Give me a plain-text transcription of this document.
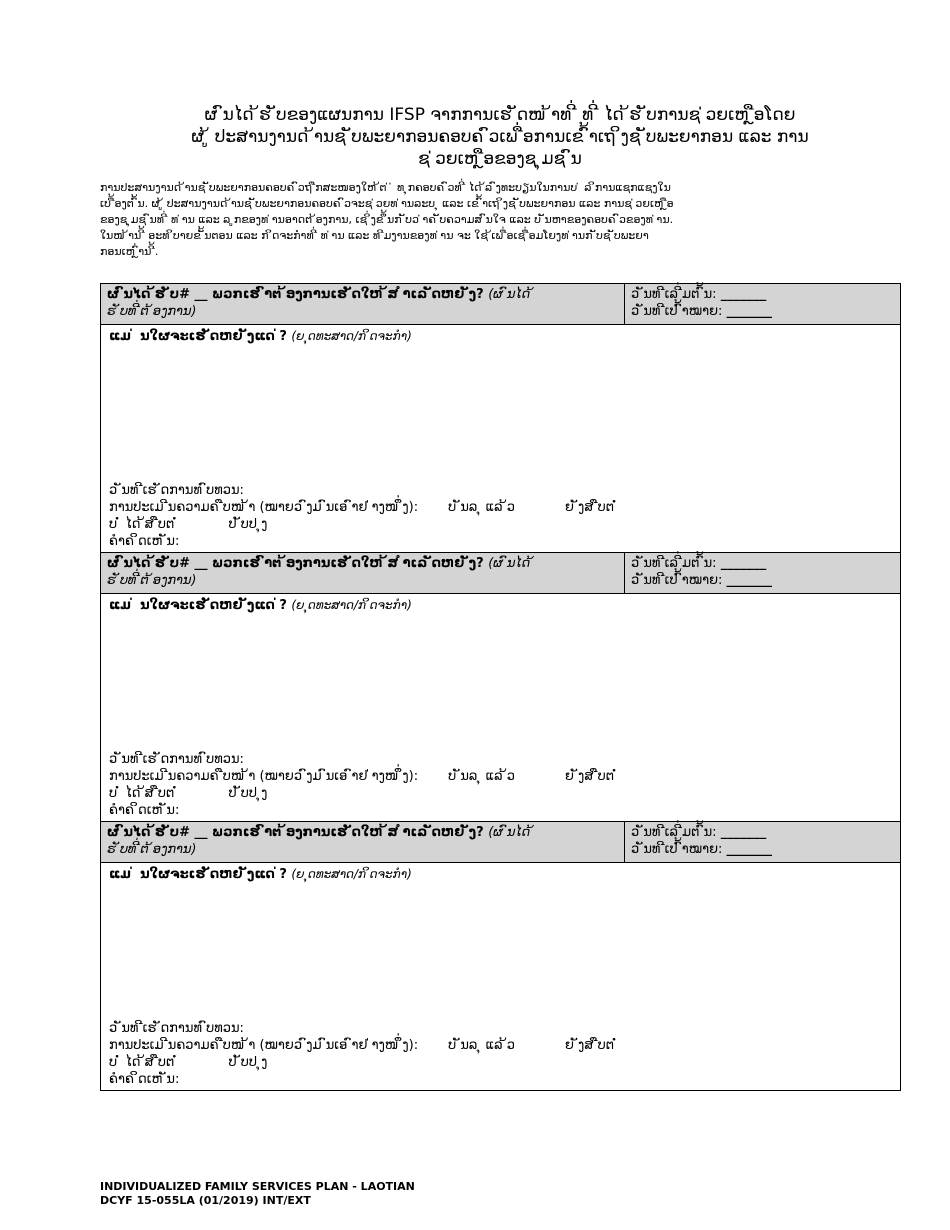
ຜ ົນໄດ ້ຮ ັບຂອງແຜນການ IFSP ຈາກການເຮ ັດໜ ້າທ ີ່ ທ ີ່ ໄດ ້ຮ ັບການຊ ່ວຍເຫ ຼືອໂດຍ
ຜ ູ້ ປະສານງານດ ້ານຊ ັບພະຍາກອນຄອບຄ ົວເພ ື່ອການເຂ ົ້າເຖ ິງຊ ັບພະຍາກອນ ແລະ ການ
ຊ ່ວຍເຫ ຼືອຂອງຊ ຸມຊ ົນ
ການປະສານງານດ ້ານຊ ັບພະຍາກອນຄອບຄ ົວຖ ືກສະໜອງໃຫ ້ຕ ່ ່ ທ ຸກຄອບຄ ົວທ ີ່ ໄດ ້ລ ົງທະບຽນໃນການບ ່ ລ ິການແຊກແຊງໃນ
ເບ ື້ອງຕ ົ້ນ. ຜ ູ້ ປະສານງານດ ້ານຊ ັບພະຍາກອນຄອບຄ ົວຈະຊ ່ວຍທ ່ານລະບ ຸ ແລະ ເຂ ົ້າເຖ ິງຊ ັບພະຍາກອນ ແລະ ການຊ ່ວຍເຫ ຼືອ
ຂອງຊ ຸມຊ ົນທ ີ່ ທ ່ານ ແລະ ລ ູກຂອງທ ່ານອາດຕ ້ອງການ, ເຊ ິ່ງຂ ຶ້ນກ ັບວ ່າຄ ັບຄວາມສ ົນໃຈ ແລະ ບ ັນຫາຂອງຄອບຄ ົວຂອງທ ່ານ.
ໃນໜ ້ານ ີ້ ອະທ ິບາຍຂ ັ້ນຕອນ ແລະ ກ ິດຈະກໍາທ ີ່ ທ ່ານ ແລະ ທ ີມງານຂອງທ ່ານ ຈະ ໃຊ ້ເພ ື່ອເຊ ື່ອມໂຍງທ ່ານກ ັບຊ ັບພະຍາ
ກອນເຫ ຼົ່ານ ີ້.
ຜ ົນໄດ ້ຮ ັບ# __ ພວກເຮ ົາຕ ້ອງການເຮ ັດໃຫ ້ສ ໍາເລ ັດຫຍ ັງ? (ຜ ົນໄດ ້
ຮ ັບທ ີ່ຕ ້ອງການ)
ວ ັນທ ີເລ ີ່ມຕ ົ້ນ: _______
ວ ັນທ ີເປ ົ້າໝາຍ: _______
ແມ ່ ນໃຜຈະເຮ ັດຫຍ ັງແດ ່? (ຍ ຸດທະສາດ/ກ ິດຈະກໍາ)
ວ ັນທ ີເຮ ັດການທ ົບທວນ:
ການປະເມ ີນຄວາມຄ ືບໜ ້າ (ໝາຍວ ົງມ ົນເອ ົາຢ ່າງໜ ຶ່ງ): ບ ັນລ ຸ ແລ ້ວ	ຍ ັງສ ືບຕ ໍ່
ບ ໍ່ ໄດ ້ສ ືບຕ ໍ່	ປ ັບປ ຸງ
ຄໍາຄ ິດເຫ ັນ:
ຜ ົນໄດ ້ຮ ັບ# __ ພວກເຮ ົາຕ ້ອງການເຮ ັດໃຫ ້ສ ໍາເລ ັດຫຍ ັງ? (ຜ ົນໄດ ້
ຮ ັບທ ີ່ຕ ້ອງການ)
ວ ັນທ ີເລ ີ່ມຕ ົ້ນ: _______
ວ ັນທ ີເປ ົ້າໝາຍ: _______
ແມ ່ ນໃຜຈະເຮ ັດຫຍ ັງແດ ່? (ຍ ຸດທະສາດ/ກ ິດຈະກໍາ)
ວ ັນທ ີເຮ ັດການທ ົບທວນ:
ການປະເມ ີນຄວາມຄ ືບໜ ້າ (ໝາຍວ ົງມ ົນເອ ົາຢ ່າງໜ ຶ່ງ): ບ ັນລ ຸ ແລ ້ວ	ຍ ັງສ ືບຕ ໍ່
ບ ໍ່ ໄດ ້ສ ືບຕ ໍ່	ປ ັບປ ຸງ
ຄໍາຄ ິດເຫ ັນ:
ຜ ົນໄດ ້ຮ ັບ# __ ພວກເຮ ົາຕ ້ອງການເຮ ັດໃຫ ້ສ ໍາເລ ັດຫຍ ັງ? (ຜ ົນໄດ ້
ຮ ັບທ ີ່ຕ ້ອງການ)
ວ ັນທ ີເລ ີ່ມຕ ົ້ນ: _______
ວ ັນທ ີເປ ົ້າໝາຍ: _______
ແມ ່ ນໃຜຈະເຮ ັດຫຍ ັງແດ ່? (ຍ ຸດທະສາດ/ກ ິດຈະກໍາ)
ວ ັນທ ີເຮ ັດການທ ົບທວນ:
ການປະເມ ີນຄວາມຄ ືບໜ ້າ (ໝາຍວ ົງມ ົນເອ ົາຢ ່າງໜ ຶ່ງ): ບ ັນລ ຸ ແລ ້ວ	ຍ ັງສ ືບຕ ໍ່
ບ ໍ່ ໄດ ້ສ ືບຕ ໍ່	ປ ັບປ ຸງ
ຄໍາຄ ິດເຫ ັນ:
INDIVIDUALIZED FAMILY SERVICES PLAN - LAOTIAN
DCYF 15-055LA (01/2019) INT/EXT
